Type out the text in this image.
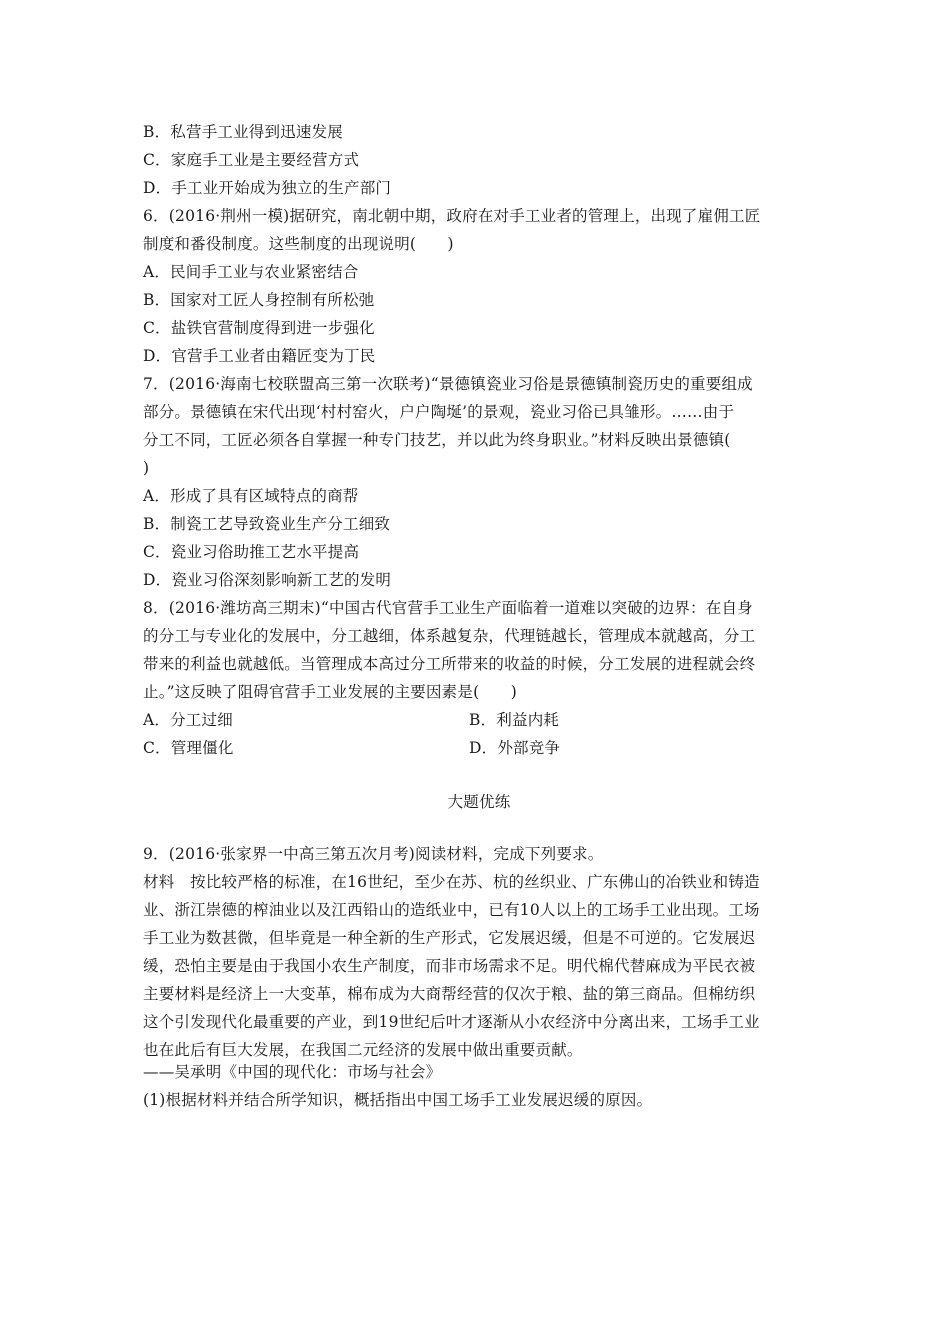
B．私营手工业得到迅速发展
C．家庭手工业是主要经营方式
D．手工业开始成为独立的生产部门
6．(2016·荆州一模)据研究，南北朝中期，政府在对手工业者的管理上，出现了雇佣工匠
制度和番役制度。这些制度的出现说明(　　)
A．民间手工业与农业紧密结合
B．国家对工匠人身控制有所松弛
C．盐铁官营制度得到进一步强化
D．官营手工业者由籍匠变为丁民
7．(2016·海南七校联盟高三第一次联考)“景德镇瓷业习俗是景德镇制瓷历史的重要组成
部分。景德镇在宋代出现‘村村窑火，户户陶埏’的景观，瓷业习俗已具雏形。……由于
分工不同，工匠必须各自掌握一种专门技艺，并以此为终身职业。”材料反映出景德镇(
)
A．形成了具有区域特点的商帮
B．制瓷工艺导致瓷业生产分工细致
C．瓷业习俗助推工艺水平提高
D．瓷业习俗深刻影响新工艺的发明
8．(2016·潍坊高三期末)“中国古代官营手工业生产面临着一道难以突破的边界：在自身
的分工与专业化的发展中，分工越细，体系越复杂，代理链越长，管理成本就越高，分工
带来的利益也就越低。当管理成本高过分工所带来的收益的时候，分工发展的进程就会终
止。”这反映了阻碍官营手工业发展的主要因素是(　　)
A．分工过细	B．利益内耗
C．管理僵化	D．外部竞争
大题优练
9．(2016·张家界一中高三第五次月考)阅读材料，完成下列要求。
材料　按比较严格的标准，在16世纪，至少在苏、杭的丝织业、广东佛山的冶铁业和铸造
业、浙江崇德的榨油业以及江西铅山的造纸业中，已有10人以上的工场手工业出现。工场
手工业为数甚微，但毕竟是一种全新的生产形式，它发展迟缓，但是不可逆的。它发展迟
缓，恐怕主要是由于我国小农生产制度，而非市场需求不足。明代棉代替麻成为平民衣被
主要材料是经济上一大变革，棉布成为大商帮经营的仅次于粮、盐的第三商品。但棉纺织
这个引发现代化最重要的产业，到19世纪后叶才逐渐从小农经济中分离出来，工场手工业
也在此后有巨大发展，在我国二元经济的发展中做出重要贡献。
——吴承明《中国的现代化：市场与社会》
(1)根据材料并结合所学知识，概括指出中国工场手工业发展迟缓的原因。
